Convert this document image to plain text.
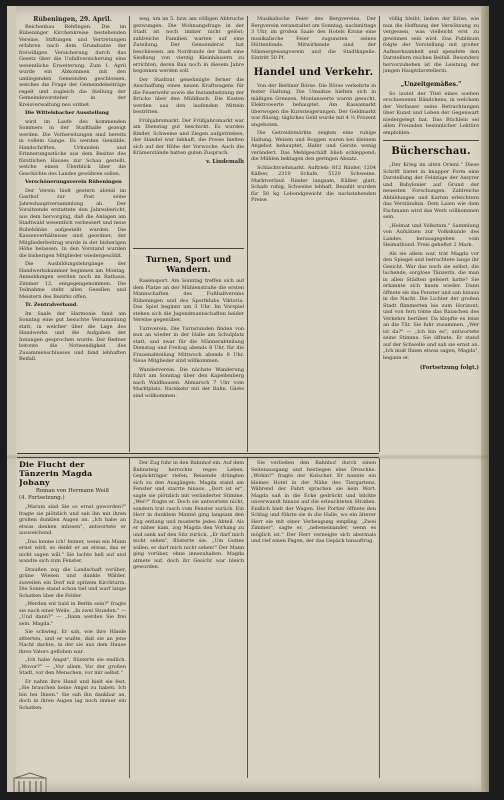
Rübeningen, 29. April.

Reichenbau Rehfingen. Die im Rübeninger Kirchenkreise bestehenden Vereine, Stiftungen und Vertretungen erfahren nach dem Grundsatze der freiwilligen Versicherung durch das Gesetz über die Unfallversicherung eine wesentliche Erweiterung. Zum 1. April wurde ein Abkommen mit den umliegenden Gemeinden geschlossen, welches die Frage der Gemeindebeiträge regelt und zugleich die Stellung der Gemeindevorsteher in der Kreisverwaltung neu ordnet.

Die Wittelsbacher Ausstellung

wird im Laufe des kommenden Sommers in der Stadthalle gezeigt werden. Die Vorbereitungen sind bereits in vollem Gange. Es werden Gemälde, Handschriften, Urkunden und Erinnerungsstücke aus dem Besitze des fürstlichen Hauses zur Schau gestellt, welche einen Überblick über die Geschichte des Landes gewähren sollen.

Verschönerungsverein Rübeningen

Der Verein hielt gestern abend im Gasthof zur Post seine Jahreshauptversammlung ab. Der Vorsitzende erstattete den Jahresbericht, aus dem hervorging, daß die Anlagen am Stadtwald wesentlich verbessert und neue Ruhebänke aufgestellt wurden. Die Kassenverhältnisse sind geordnet; der Mitgliederbeitrag wurde in der bisherigen Höhe belassen. In den Vorstand wurden die bisherigen Mitglieder wiedergewählt.

Die Ausbildungslehrgänge der Handwerkskammer beginnen am Montag. Anmeldungen werden noch im Rathaus, Zimmer 12, entgegengenommen. Die Teilnahme steht allen Gesellen und Meistern des Bezirks offen.

Tr. Zentralverband.

Im Saale der Harmonie fand am Sonntag eine gut besuchte Versammlung statt, in welcher über die Lage des Handwerks und die Aufgaben der Innungen gesprochen wurde. Der Redner betonte die Notwendigkeit des Zusammenschlusses und fand lebhaften Beifall.

weg, um im 5. bzw. am völligen Abbruche gezwungen. Die Wohnungsfrage in der Stadt ist noch immer nicht gelöst; zahlreiche Familien warten auf eine Zuteilung. Der Gemeinderat hat beschlossen, am Nordrande der Stadt eine Siedlung von vierzig Kleinhäusern zu errichten, deren Bau noch in diesem Jahre begonnen werden soll.

Der Stadtrat genehmigte ferner die Anschaffung eines neuen Kraftwagens für die Feuerwehr sowie die Instandsetzung der Brücke über den Mühlbach. Die Kosten werden aus den laufenden Mitteln bestritten.

Frühjahrsmarkt. Der Frühjahrsmarkt war am Dienstag gut beschickt. Es wurden Rinder, Schweine und Ziegen aufgetrieben; der Handel war lebhaft, die Preise hielten sich auf der Höhe der Vorwoche. Auch die Krämerstände hatten guten Zuspruch.

v. Lindemalh
Turnen, Sport und Wandern.

Rasensport. Am Sonntag treffen sich auf dem Platze an der Mühlenstraße die ersten Mannschaften des Fußballvereins Rübeningen und des Sportklubs Viktoria. Das Spiel beginnt um 3 Uhr. Im Vorspiel stehen sich die Jugendmannschaften beider Vereine gegenüber.

Turnverein. Die Turnstunden finden von nun an wieder in der Halle am Schulplatz statt, und zwar für die Männerabteilung Dienstag und Freitag abends 8 Uhr, für die Frauenabteilung Mittwoch abends 8 Uhr. Neue Mitglieder sind willkommen.

Wanderverein. Die nächste Wanderung führt am Sonntag über den Kapellenberg nach Waldhausen. Abmarsch 7 Uhr vom Marktplatz. Rückkehr mit der Bahn. Gäste sind willkommen.

Musikalische Feier des Bergvereins. Der Bergverein veranstaltet am Sonntag, nachmittags 3 Uhr, im großen Saale des Hotels Krone eine musikalische Feier zugunsten seines Hüttenfonds. Mitwirkende sind der Männergesangverein und die Stadtkapelle. Eintritt 50 Pf.

Handel und Verkehr.

Von der Berliner Börse. Die Börse verkehrte in fester Haltung. Die Umsätze hielten sich in mäßigen Grenzen. Montanwerte waren gesucht, Elektrowerte behauptet. Am Kassamarkt überwogen die Kurssteigerungen. Der Geldmarkt war flüssig; tägliches Geld wurde mit 4 ½ Prozent angeboten.

Die Getreidemärkte zeigten eine ruhige Haltung. Weizen und Roggen waren bei kleinem Angebot behauptet, Hafer und Gerste wenig verändert. Das Mehlgeschäft blieb schleppend; die Mühlen beklagen den geringen Absatz.

Schlachtviehmarkt. Auftrieb: 812 Rinder, 1204 Kälber, 2310 Schafe, 5120 Schweine. Marktverlauf: Rinder langsam, Kälber glatt, Schafe ruhig, Schweine lebhaft. Bezahlt wurden für 50 kg Lebendgewicht die nachstehenden Preise.

völlig bleibt, ließen der Krise, wie nun die Hoffnung der Versöhnung zu vergessen, was vielleicht erst zu gewinnen sein wird. Das Publikum folgte der Vorstellung mit großer Aufmerksamkeit und spendete den Darstellern reichen Beifall. Besonders hervorzuheben ist die Leistung der jungen Hauptdarstellerin.

„Unzeitgemäßes."

So lautet der Titel eines soeben erschienenen Bändchens, in welchem der Verfasser seine Betrachtungen über Kunst und Leben der Gegenwart niedergelegt hat. Das Büchlein sei allen Freunden besinnlicher Lektüre empfohlen.

Bücherschau.

„Der Krieg im alten Orient." Diese Schrift bietet in knapper Form eine Darstellung der Feldzüge der Assyrer und Babylonier auf Grund der neuesten Forschungen. Zahlreiche Abbildungen und Karten erleichtern das Verständnis. Dem Laien wie dem Fachmann wird das Werk willkommen sein.

„Heimat und Volkstum." Sammlung von Aufsätzen zur Volkskunde des Landes, herausgegeben vom Heimatbund. Preis geheftet 2 Mark.

Als sie allein war, trat Magda vor den Spiegel und betrachtete lange ihr Gesicht. War das noch sie selbst, die lachende, sorglose Tänzerin, die man in allen Städten gefeiert hatte? Sie erkannte sich kaum wieder. Dann öffnete sie das Fenster und sah hinaus in die Nacht. Die Lichter der großen Stadt flimmerten bis zum Horizont, und von fern tönte das Rauschen des Verkehrs herüber. Da klopfte es leise an die Tür. Sie fuhr zusammen. „Wer ist da?" — „Ich bin es", antwortete seine Stimme. Sie öffnete. Er stand auf der Schwelle und sah sie ernst an. „Ich muß Ihnen etwas sagen, Magda", begann er.

(Fortsetzung folgt.)
Die Flucht der Tänzerin Magda Jobany
Roman von Hermann Weiß
(4. Fortsetzung.)

„Warum sind Sie so ernst geworden?" fragte sie plötzlich und sah ihn mit ihren großen dunklen Augen an. „Ich habe an etwas denken müssen", antwortete er ausweichend.

„Das kenne ich! Immer, wenn ein Mann ernst wird, so denkt er an etwas, das er nicht sagen will." Sie lachte hell auf und wandte sich zum Fenster.

Draußen zog die Landschaft vorüber, grüne Wiesen und dunkle Wälder, zuweilen ein Dorf mit spitzem Kirchturm. Die Sonne stand schon tief und warf lange Schatten über die Felder.

„Werden wir bald in Berlin sein?" fragte sie nach einer Weile. „In zwei Stunden." — „Und dann?" — „Dann werden Sie frei sein, Magda."

Sie schwieg. Er sah, wie ihre Hände zitterten, und er wußte, daß sie an jene Nacht dachte, in der sie aus dem Hause ihres Vaters geflohen war.

„Ich habe Angst", flüsterte sie endlich. „Wovor?" — „Vor allem. Vor der großen Stadt, vor den Menschen, vor mir selbst."

Er nahm ihre Hand und hielt sie fest. „Sie brauchen keine Angst zu haben. Ich bin bei Ihnen." Sie sah ihn dankbar an, doch in ihren Augen lag noch immer ein Schatten.

Der Zug fuhr in den Bahnhof ein. Auf dem Bahnsteig herrschte reges Leben. Gepäckträger riefen, Reisende drängten sich zu den Ausgängen. Magda stand am Fenster und starrte hinaus. „Dort ist er", sagte sie plötzlich mit veränderter Stimme. „Wer?" fragte er. Doch sie antwortete nicht, sondern trat rasch vom Fenster zurück. Ein Herr in dunklem Mantel ging langsam den Zug entlang und musterte jedes Abteil. Als er näher kam, zog Magda den Vorhang zu und sank auf den Sitz zurück. „Er darf mich nicht sehen", flüsterte sie. „Um Gottes willen, er darf mich nicht sehen!" Der Mann ging vorüber, ohne innezuhalten. Magda atmete auf, doch ihr Gesicht war bleich geworden.

Sie verließen den Bahnhof durch einen Seitenausgang und bestiegen eine Droschke. „Wohin?" fragte der Kutscher. Er nannte ein kleines Hotel in der Nähe des Tiergartens. Während der Fahrt sprachen sie kein Wort. Magda saß in die Ecke gedrückt und blickte unverwandt hinaus auf die erleuchteten Straßen. Endlich hielt der Wagen. Der Portier öffnete den Schlag und führte sie in die Halle, wo ein älterer Herr sie mit einer Verbeugung empfing. „Zwei Zimmer", sagte er, „nebeneinander, wenn es möglich ist." Der Herr verneigte sich abermals und rief einen Pagen, der das Gepäck hinauftrug.
